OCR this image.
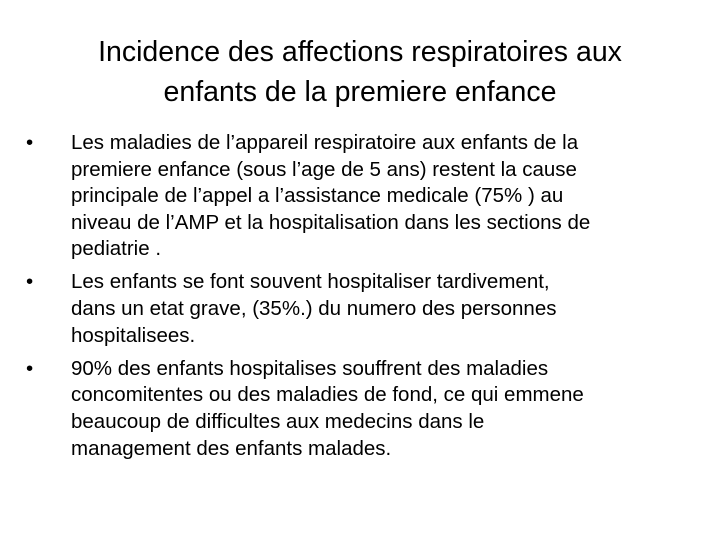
Incidence des affections respiratoires aux
enfants de la premiere enfance
•	Les maladies de l’appareil respiratoire aux enfants de la
premiere enfance (sous l’age de 5 ans) restent la cause
principale de l’appel a l’assistance medicale (75% ) au
niveau de l’AMP et la hospitalisation dans les sections de
pediatrie .
•	Les enfants se font souvent hospitaliser tardivement,
dans un etat grave, (35%.) du numero des personnes
hospitalisees.
•	90% des enfants hospitalises souffrent des maladies
concomitentes ou des maladies de fond, ce qui emmene
beaucoup de difficultes aux medecins dans le
management des enfants malades.
